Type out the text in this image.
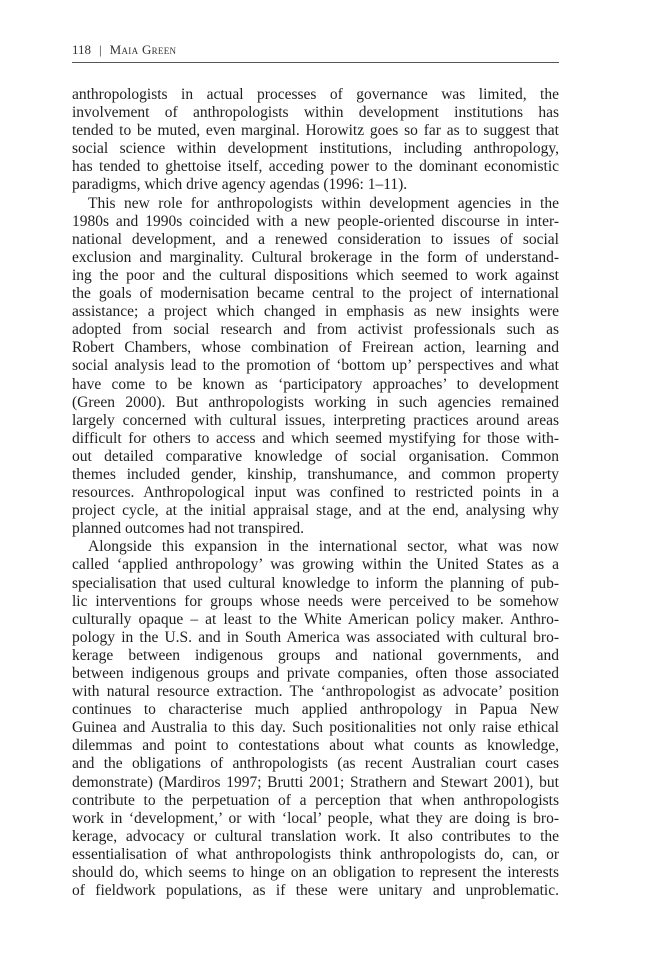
118 | Maia Green
anthropologists in actual processes of governance was limited, the
involvement of anthropologists within development institutions has
tended to be muted, even marginal. Horowitz goes so far as to suggest that
social science within development institutions, including anthropology,
has tended to ghettoise itself, acceding power to the dominant economistic
paradigms, which drive agency agendas (1996: 1–11).
This new role for anthropologists within development agencies in the
1980s and 1990s coincided with a new people-oriented discourse in inter-
national development, and a renewed consideration to issues of social
exclusion and marginality. Cultural brokerage in the form of understand-
ing the poor and the cultural dispositions which seemed to work against
the goals of modernisation became central to the project of international
assistance; a project which changed in emphasis as new insights were
adopted from social research and from activist professionals such as
Robert Chambers, whose combination of Freirean action, learning and
social analysis lead to the promotion of ‘bottom up’ perspectives and what
have come to be known as ‘participatory approaches’ to development
(Green 2000). But anthropologists working in such agencies remained
largely concerned with cultural issues, interpreting practices around areas
difficult for others to access and which seemed mystifying for those with-
out detailed comparative knowledge of social organisation. Common
themes included gender, kinship, transhumance, and common property
resources. Anthropological input was confined to restricted points in a
project cycle, at the initial appraisal stage, and at the end, analysing why
planned outcomes had not transpired.
Alongside this expansion in the international sector, what was now
called ‘applied anthropology’ was growing within the United States as a
specialisation that used cultural knowledge to inform the planning of pub-
lic interventions for groups whose needs were perceived to be somehow
culturally opaque – at least to the White American policy maker. Anthro-
pology in the U.S. and in South America was associated with cultural bro-
kerage between indigenous groups and national governments, and
between indigenous groups and private companies, often those associated
with natural resource extraction. The ‘anthropologist as advocate’ position
continues to characterise much applied anthropology in Papua New
Guinea and Australia to this day. Such positionalities not only raise ethical
dilemmas and point to contestations about what counts as knowledge,
and the obligations of anthropologists (as recent Australian court cases
demonstrate) (Mardiros 1997; Brutti 2001; Strathern and Stewart 2001), but
contribute to the perpetuation of a perception that when anthropologists
work in ‘development,’ or with ‘local’ people, what they are doing is bro-
kerage, advocacy or cultural translation work. It also contributes to the
essentialisation of what anthropologists think anthropologists do, can, or
should do, which seems to hinge on an obligation to represent the interests
of fieldwork populations, as if these were unitary and unproblematic.
